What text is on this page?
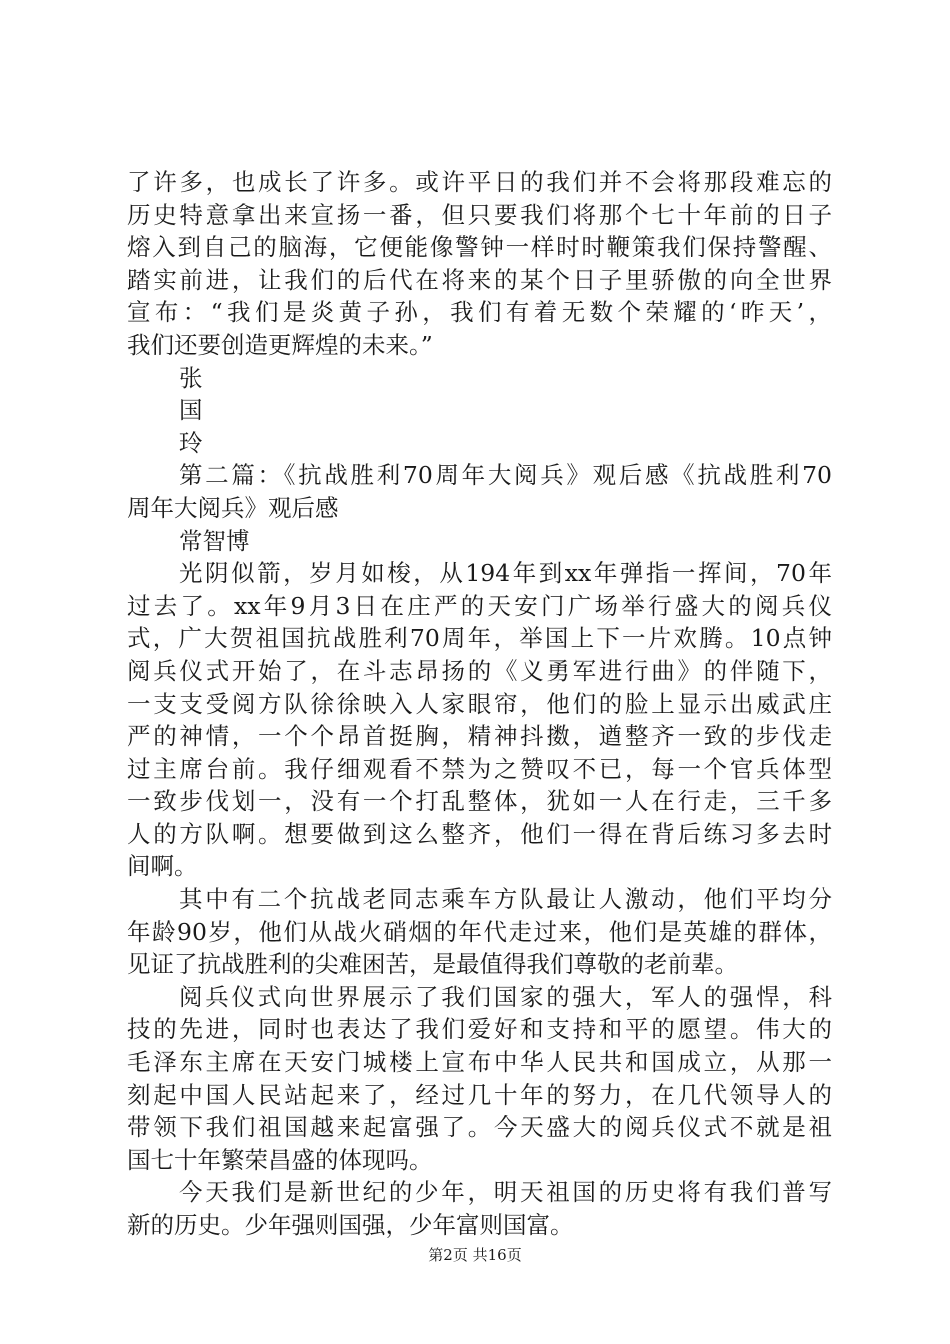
了许多，也成长了许多。或许平日的我们并不会将那段难忘的
历史特意拿出来宣扬一番，但只要我们将那个七十年前的日子
熔入到自己的脑海，它便能像警钟一样时时鞭策我们保持警醒、
踏实前进，让我们的后代在将来的某个日子里骄傲的向全世界
宣布：“我们是炎黄子孙，我们有着无数个荣耀的‘昨天’，
我们还要创造更辉煌的未来。”
张
国
玲
第二篇：《抗战胜利70周年大阅兵》观后感《抗战胜利70
周年大阅兵》观后感
常智博
光阴似箭，岁月如梭，从194年到xx年弹指一挥间，70年
过去了。xx年9月3日在庄严的天安门广场举行盛大的阅兵仪
式，广大贺祖国抗战胜利70周年，举国上下一片欢腾。10点钟
阅兵仪式开始了，在斗志昂扬的《义勇军进行曲》的伴随下，
一支支受阅方队徐徐映入人家眼帘，他们的脸上显示出威武庄
严的神情，一个个昂首挺胸，精神抖擞，遒整齐一致的步伐走
过主席台前。我仔细观看不禁为之赞叹不已，每一个官兵体型
一致步伐划一，没有一个打乱整体，犹如一人在行走，三千多
人的方队啊。想要做到这么整齐，他们一得在背后练习多去时
间啊。
其中有二个抗战老同志乘车方队最让人激动，他们平均分
年龄90岁，他们从战火硝烟的年代走过来，他们是英雄的群体，
见证了抗战胜利的尖难困苦，是最值得我们尊敬的老前辈。
阅兵仪式向世界展示了我们国家的强大，军人的强悍，科
技的先进，同时也表达了我们爱好和支持和平的愿望。伟大的
毛泽东主席在天安门城楼上宣布中华人民共和国成立，从那一
刻起中国人民站起来了，经过几十年的努力，在几代领导人的
带领下我们祖国越来起富强了。今天盛大的阅兵仪式不就是祖
国七十年繁荣昌盛的体现吗。
今天我们是新世纪的少年，明天祖国的历史将有我们普写
新的历史。少年强则国强，少年富则国富。
第2页 共16页
